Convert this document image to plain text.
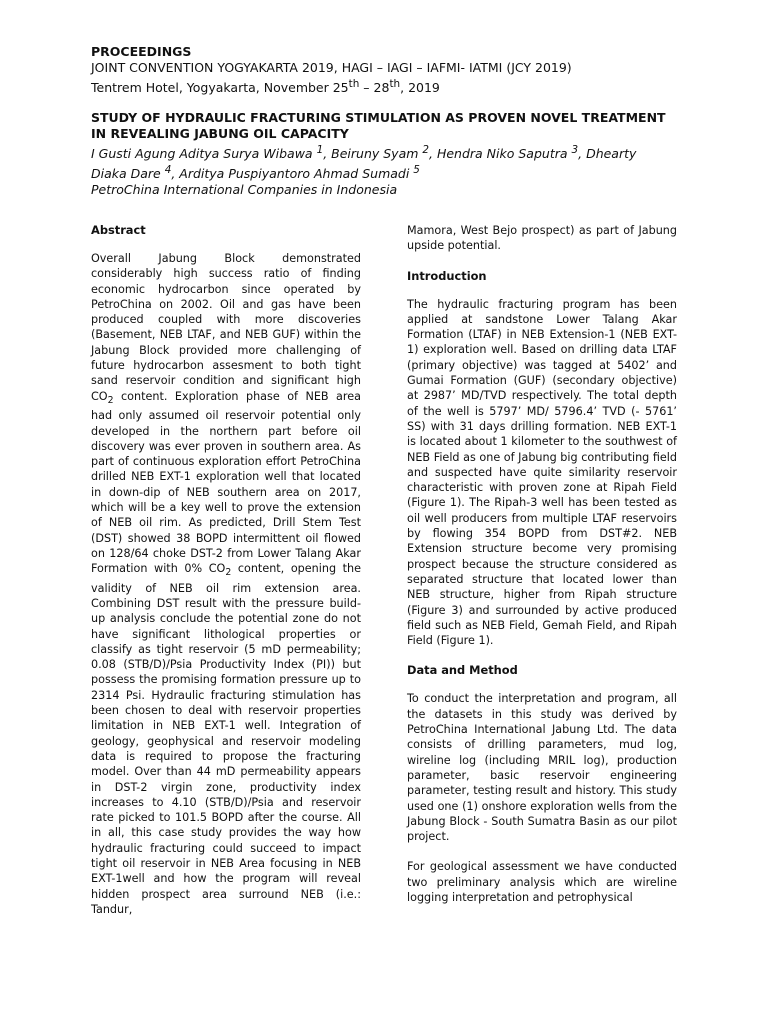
PROCEEDINGS
JOINT CONVENTION YOGYAKARTA 2019, HAGI – IAGI – IAFMI- IATMI (JCY 2019)
Tentrem Hotel, Yogyakarta, November 25th – 28th, 2019
STUDY OF HYDRAULIC FRACTURING STIMULATION AS PROVEN NOVEL TREATMENT IN REVEALING JABUNG OIL CAPACITY
I Gusti Agung Aditya Surya Wibawa $^1$, Beiruny Syam $^2$, Hendra Niko Saputra $^3$, Dhearty Diaka Dare $^4$, Arditya Puspiyantoro Ahmad Sumadi $^5$
PetroChina International Companies in Indonesia
Abstract

Overall Jabung Block demonstrated considerably high success ratio of finding economic hydrocarbon since operated by PetroChina on 2002. Oil and gas have been produced coupled with more discoveries (Basement, NEB LTAF, and NEB GUF) within the Jabung Block provided more challenging of future hydrocarbon assesment to both tight sand reservoir condition and significant high $CO_2$ content. Exploration phase of NEB area had only assumed oil reservoir potential only developed in the northern part before oil discovery was ever proven in southern area. As part of continuous exploration effort PetroChina drilled NEB EXT-1 exploration well that located in down-dip of NEB southern area on 2017, which will be a key well to prove the extension of NEB oil rim. As predicted, Drill Stem Test (DST) showed 38 BOPD intermittent oil flowed on 128/64 choke DST-2 from Lower Talang Akar Formation with 0% $CO_2$ content, opening the validity of NEB oil rim extension area. Combining DST result with the pressure build-up analysis conclude the potential zone do not have significant lithological properties or classify as tight reservoir (5 mD permeability; 0.08 (STB/D)/Psia Productivity Index (PI)) but possess the promising formation pressure up to 2314 Psi. Hydraulic fracturing stimulation has been chosen to deal with reservoir properties limitation in NEB EXT-1 well. Integration of geology, geophysical and reservoir modeling data is required to propose the fracturing model. Over than 44 mD permeability appears in DST-2 virgin zone, productivity index increases to 4.10 (STB/D)/Psia and reservoir rate picked to 101.5 BOPD after the course. All in all, this case study provides the way how hydraulic fracturing could succeed to impact tight oil reservoir in NEB Area focusing in NEB EXT-1well and how the program will reveal hidden prospect area surround NEB (i.e.: Tandur,

Mamora, West Bejo prospect) as part of Jabung upside potential.

Introduction

The hydraulic fracturing program has been applied at sandstone Lower Talang Akar Formation (LTAF) in NEB Extension-1 (NEB EXT-1) exploration well. Based on drilling data LTAF (primary objective) was tagged at 5402’ and Gumai Formation (GUF) (secondary objective) at 2987’ MD/TVD respectively. The total depth of the well is 5797’ MD/ 5796.4’ TVD (- 5761’ SS) with 31 days drilling formation. NEB EXT-1 is located about 1 kilometer to the southwest of NEB Field as one of Jabung big contributing field and suspected have quite similarity reservoir characteristic with proven zone at Ripah Field (Figure 1). The Ripah-3 well has been tested as oil well producers from multiple LTAF reservoirs by flowing 354 BOPD from DST#2. NEB Extension structure become very promising prospect because the structure considered as separated structure that located lower than NEB structure, higher from Ripah structure (Figure 3) and surrounded by active produced field such as NEB Field, Gemah Field, and Ripah Field (Figure 1).

Data and Method

To conduct the interpretation and program, all the datasets in this study was derived by PetroChina International Jabung Ltd. The data consists of drilling parameters, mud log, wireline log (including MRIL log), production parameter, basic reservoir engineering parameter, testing result and history. This study used one (1) onshore exploration wells from the Jabung Block - South Sumatra Basin as our pilot project.

For geological assessment we have conducted two preliminary analysis which are wireline logging interpretation and petrophysical
